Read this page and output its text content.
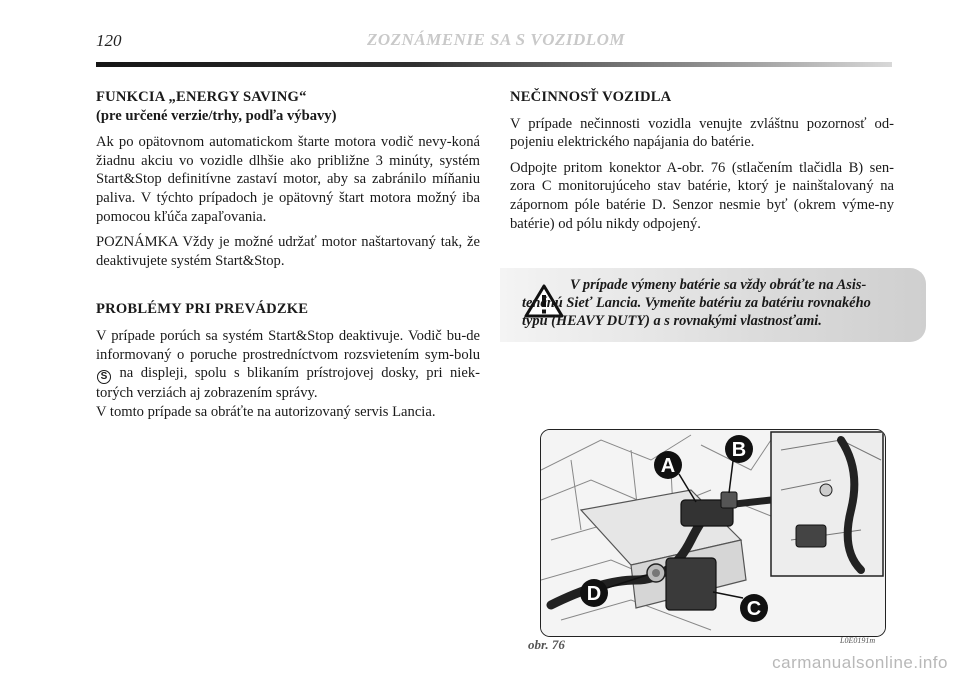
120	ZOZNÁMENIE SA S VOZIDLOM
FUNKCIA „ENERGY SAVING“
(pre určené verzie/trhy, podľa výbavy)

Ak po opätovnom automatickom štarte motora vodič nevy-koná žiadnu akciu vo vozidle dlhšie ako približne 3 minúty, systém Start&Stop definitívne zastaví motor, aby sa zabránilo míňaniu paliva. V týchto prípadoch je opätovný štart motora možný iba pomocou kľúča zapaľovania.

POZNÁMKA Vždy je možné udržať motor naštartovaný tak, že deaktivujete systém Start&Stop.

PROBLÉMY PRI PREVÁDZKE

V prípade porúch sa systém Start&Stop deaktivuje. Vodič bu-de informovaný o poruche prostredníctvom rozsvietením sym-bolu S na displeji, spolu s blikaním prístrojovej dosky, pri niek-torých verziách aj zobrazením správy.

V tomto prípade sa obráťte na autorizovaný servis Lancia.

NEČINNOSŤ VOZIDLA

V prípade nečinnosti vozidla venujte zvláštnu pozornosť od-pojeniu elektrického napájania do batérie.

Odpojte pritom konektor A-obr. 76 (stlačením tlačidla B) sen-zora C monitorujúceho stav batérie, ktorý je nainštalovaný na zápornom póle batérie D. Senzor nesmie byť (okrem výme-ny batérie) od pólu nikdy odpojený.

V prípade výmeny batérie sa vždy obráťte na Asis-tenčnú Sieť Lancia. Vymeňte batériu za batériu rovnakého typu (HEAVY DUTY) a s rovnakými vlastnosťami.
A
B
C
D
obr. 76	L0E0191m
carmanualsonline.info
